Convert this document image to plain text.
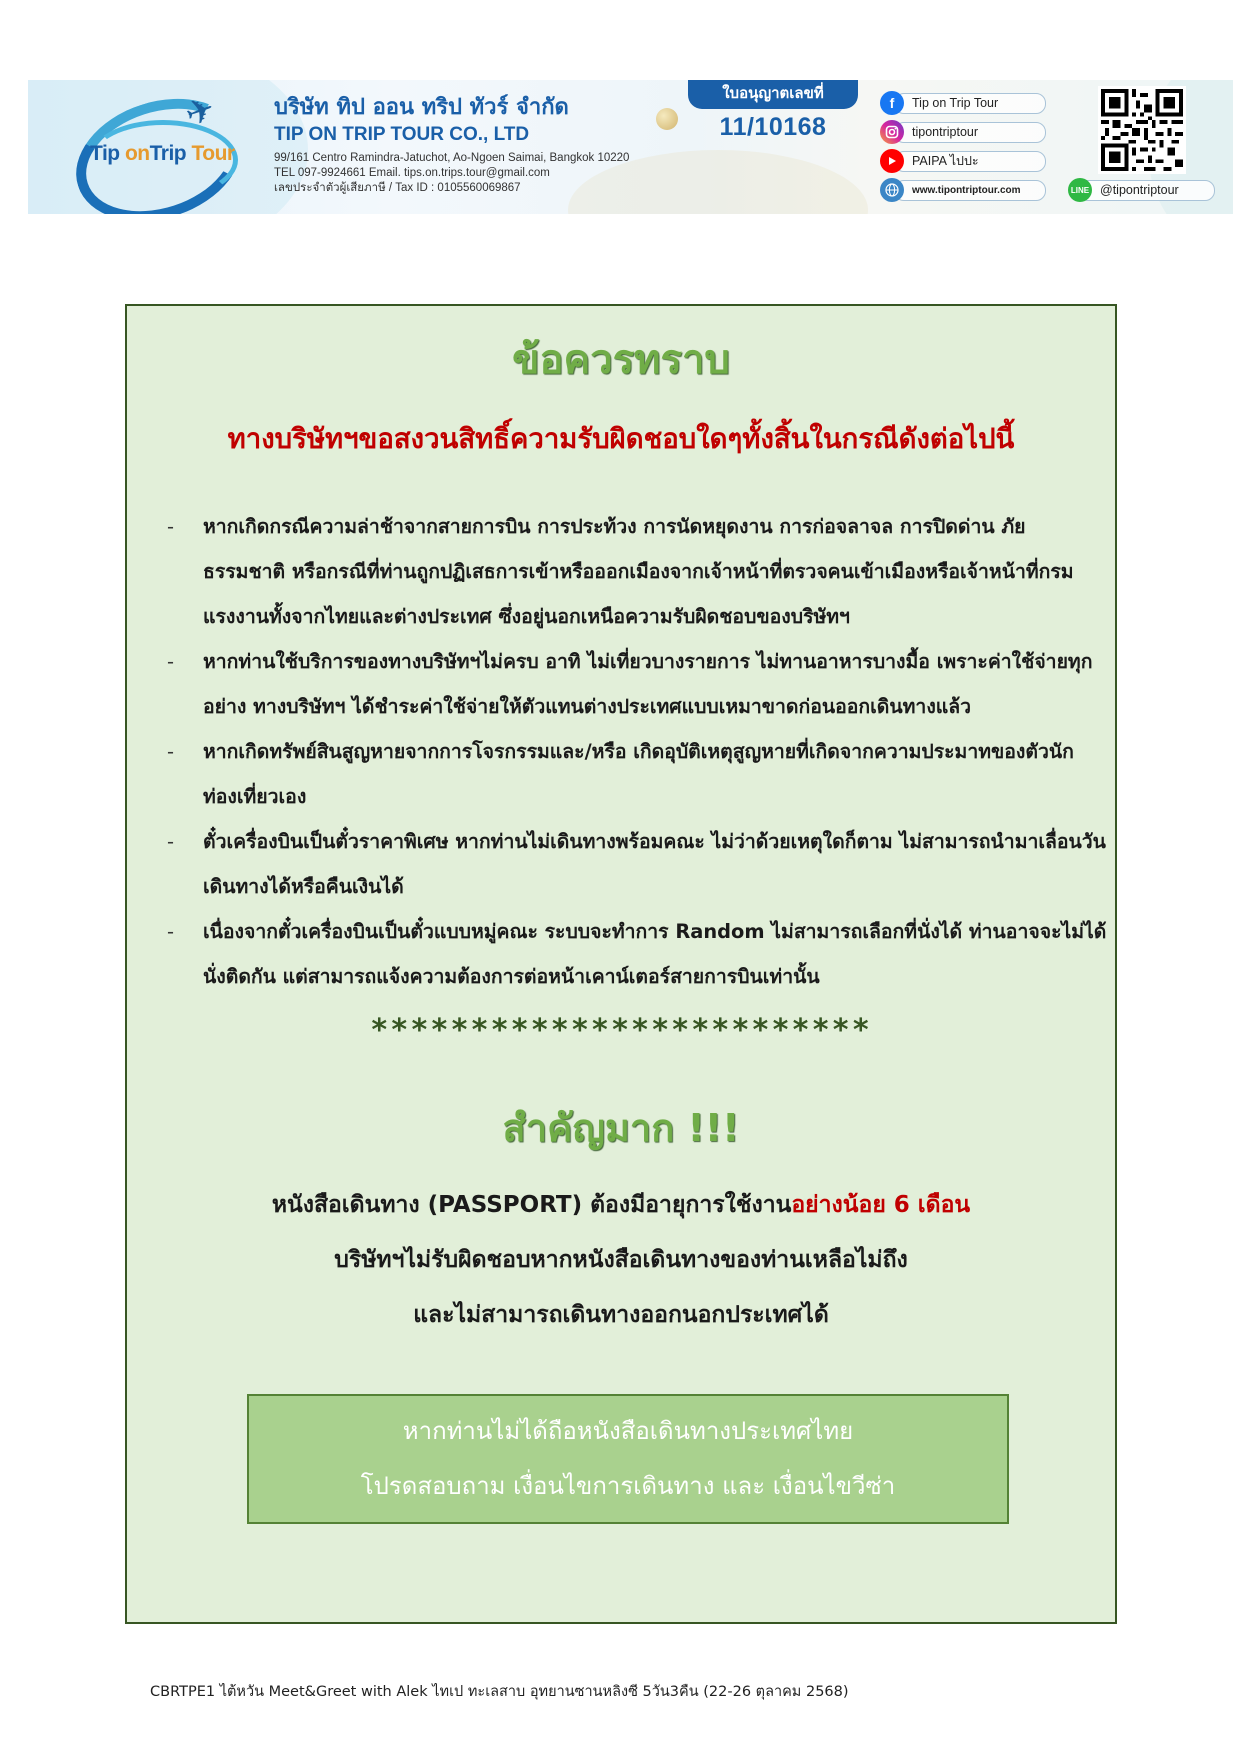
✈
Tip onTrip Tour
บริษัท ทิป ออน ทริป ทัวร์ จำกัด
TIP ON TRIP TOUR CO., LTD
99/161 Centro Ramindra-Jatuchot, Ao-Ngoen Saimai, Bangkok 10220
TEL 097-9924661 Email. tips.on.trips.tour@gmail.com
เลขประจำตัวผู้เสียภาษี / Tax ID : 0105560069867
ใบอนุญาตเลขที่
11/10168
f	Tip on Trip Tour
tipontriptour
PAIPA ไปปะ
www.tipontriptour.com	LINE @tipontriptour
ข้อควรทราบ
ทางบริษัทฯขอสงวนสิทธิ์ความรับผิดชอบใดๆทั้งสิ้นในกรณีดังต่อไปนี้
- หากเกิดกรณีความล่าช้าจากสายการบิน การประท้วง การนัดหยุดงาน การก่อจลาจล การปิดด่าน ภัยธรรมชาติ หรือกรณีที่ท่านถูกปฏิเสธการเข้าหรือออกเมืองจากเจ้าหน้าที่ตรวจคนเข้าเมืองหรือเจ้าหน้าที่กรมแรงงานทั้งจากไทยและต่างประเทศ ซึ่งอยู่นอกเหนือความรับผิดชอบของบริษัทฯ
- หากท่านใช้บริการของทางบริษัทฯไม่ครบ อาทิ ไม่เที่ยวบางรายการ ไม่ทานอาหารบางมื้อ เพราะค่าใช้จ่ายทุกอย่าง ทางบริษัทฯ ได้ชำระค่าใช้จ่ายให้ตัวแทนต่างประเทศแบบเหมาขาดก่อนออกเดินทางแล้ว
- หากเกิดทรัพย์สินสูญหายจากการโจรกรรมและ/หรือ เกิดอุบัติเหตุสูญหายที่เกิดจากความประมาทของตัวนักท่องเที่ยวเอง
- ตั๋วเครื่องบินเป็นตั๋วราคาพิเศษ หากท่านไม่เดินทางพร้อมคณะ ไม่ว่าด้วยเหตุใดก็ตาม ไม่สามารถนำมาเลื่อนวันเดินทางได้หรือคืนเงินได้
- เนื่องจากตั๋วเครื่องบินเป็นตั๋วแบบหมู่คณะ ระบบจะทำการ Random ไม่สามารถเลือกที่นั่งได้ ท่านอาจจะไม่ได้นั่งติดกัน แต่สามารถแจ้งความต้องการต่อหน้าเคาน์เตอร์สายการบินเท่านั้น
*************************
สำคัญมาก !!!
หนังสือเดินทาง (PASSPORT) ต้องมีอายุการใช้งานอย่างน้อย 6 เดือน
บริษัทฯไม่รับผิดชอบหากหนังสือเดินทางของท่านเหลือไม่ถึง
และไม่สามารถเดินทางออกนอกประเทศได้
หากท่านไม่ได้ถือหนังสือเดินทางประเทศไทย
โปรดสอบถาม เงื่อนไขการเดินทาง และ เงื่อนไขวีซ่า
CBRTPE1 ไต้หวัน Meet&Greet with Alek ไทเป ทะเลสาบ อุทยานซานหลิงซี 5วัน3คืน (22-26 ตุลาคม 2568)
